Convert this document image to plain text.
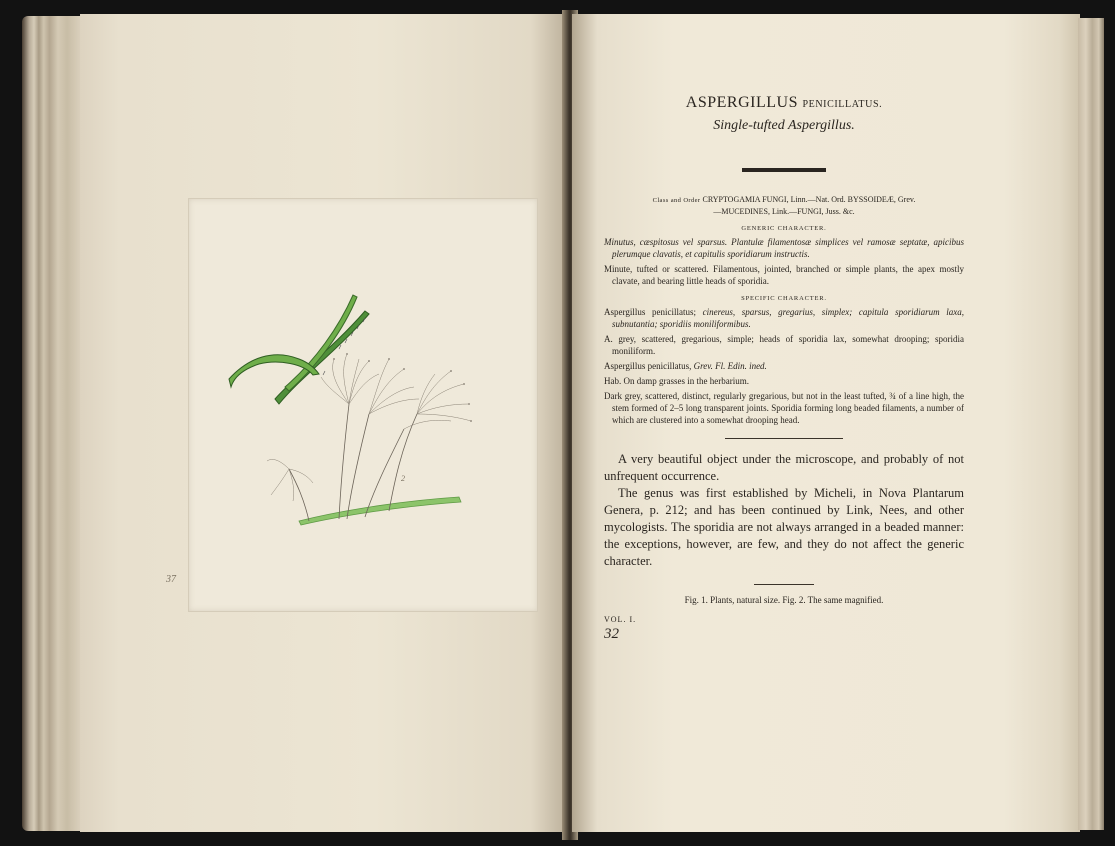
2
37
ASPERGILLUS PENICILLATUS.
Single-tufted Aspergillus.
Class and Order CRYPTOGAMIA FUNGI, Linn.—Nat. Ord. BYSSOIDEÆ, Grev.
—MUCEDINES, Link.—FUNGI, Juss. &c.
GENERIC CHARACTER.

Minutus, cæspitosus vel sparsus. Plantulæ filamentosæ simplices vel ramosæ septatæ, apicibus plerumque clavatis, et capitulis sporidiarum instructis.

Minute, tufted or scattered. Filamentous, jointed, branched or simple plants, the apex mostly clavate, and bearing little heads of sporidia.

SPECIFIC CHARACTER.

Aspergillus penicillatus; cinereus, sparsus, gregarius, simplex; capitula sporidiarum laxa, subnutantia; sporidiis moniliformibus.

A. grey, scattered, gregarious, simple; heads of sporidia lax, somewhat drooping; sporidia moniliform.

Aspergillus penicillatus, Grev. Fl. Edin. ined.

Hab. On damp grasses in the herbarium.

Dark grey, scattered, distinct, regularly gregarious, but not in the least tufted, ¾ of a line high, the stem formed of 2–5 long transparent joints. Sporidia forming long beaded filaments, a number of which are clustered into a somewhat drooping head.

A very beautiful object under the microscope, and probably of not unfrequent occurrence.

The genus was first established by Micheli, in Nova Plantarum Genera, p. 212; and has been continued by Link, Nees, and other mycologists. The sporidia are not always arranged in a beaded manner: the exceptions, however, are few, and they do not affect the generic character.

Fig. 1. Plants, natural size. Fig. 2. The same magnified.
VOL. I.
32
